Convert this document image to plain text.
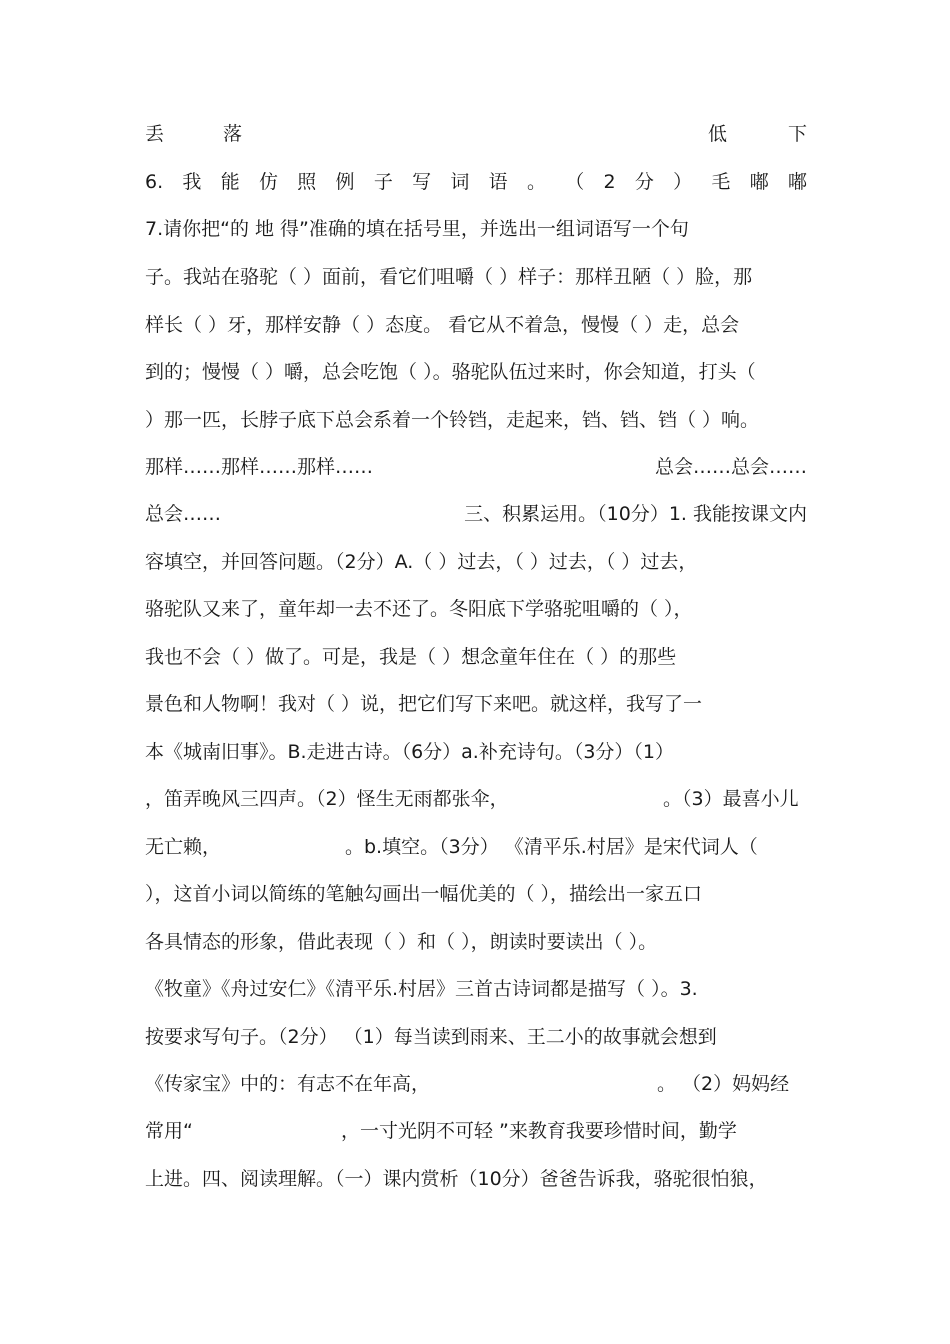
丢	落	低	下
6. 我 能 仿 照 例 子 写 词 语 。 （ 2 分 ） 毛 嘟 嘟
7.请你把“的 地 得”准确的填在括号里，并选出一组词语写一个句
子。我站在骆驼（ ）面前，看它们咀嚼（ ）样子：那样丑陋（ ）脸，那
样长（ ）牙，那样安静（ ）态度。 看它从不着急，慢慢（ ）走，总会
到的；慢慢（ ）嚼，总会吃饱（ ）。骆驼队伍过来时，你会知道，打头（
）那一匹，长脖子底下总会系着一个铃铛，走起来，铛、铛、铛（ ）响。
那样……那样……那样……	总会……总会……
总会……	三、积累运用。（10分）1. 我能按课文内
容填空，并回答问题。（2分）A.（ ）过去，（ ）过去，（ ）过去，
骆驼队又来了，童年却一去不还了。冬阳底下学骆驼咀嚼的（ ），
我也不会（ ）做了。可是，我是（ ）想念童年住在（ ）的那些
景色和人物啊！我对（ ）说，把它们写下来吧。就这样，我写了一
本《城南旧事》。B.走进古诗。（6分）a.补充诗句。（3分）（1）
，笛弄晚风三四声。（2）怪生无雨都张伞，	。（3）最喜小儿
无亡赖，	。b.填空。（3分） 《清平乐.村居》是宋代词人（
），这首小词以简练的笔触勾画出一幅优美的（ ），描绘出一家五口
各具情态的形象，借此表现（ ）和（ ），朗读时要读出（ ）。
《牧童》《舟过安仁》《清平乐.村居》三首古诗词都是描写（ ）。3.
按要求写句子。（2分） （1）每当读到雨来、王二小的故事就会想到
《传家宝》中的：有志不在年高，	。 （2）妈妈经
常用“	，一寸光阴不可轻 ”来教育我要珍惜时间，勤学
上进。四、阅读理解。（一）课内赏析（10分）爸爸告诉我，骆驼很怕狼，
